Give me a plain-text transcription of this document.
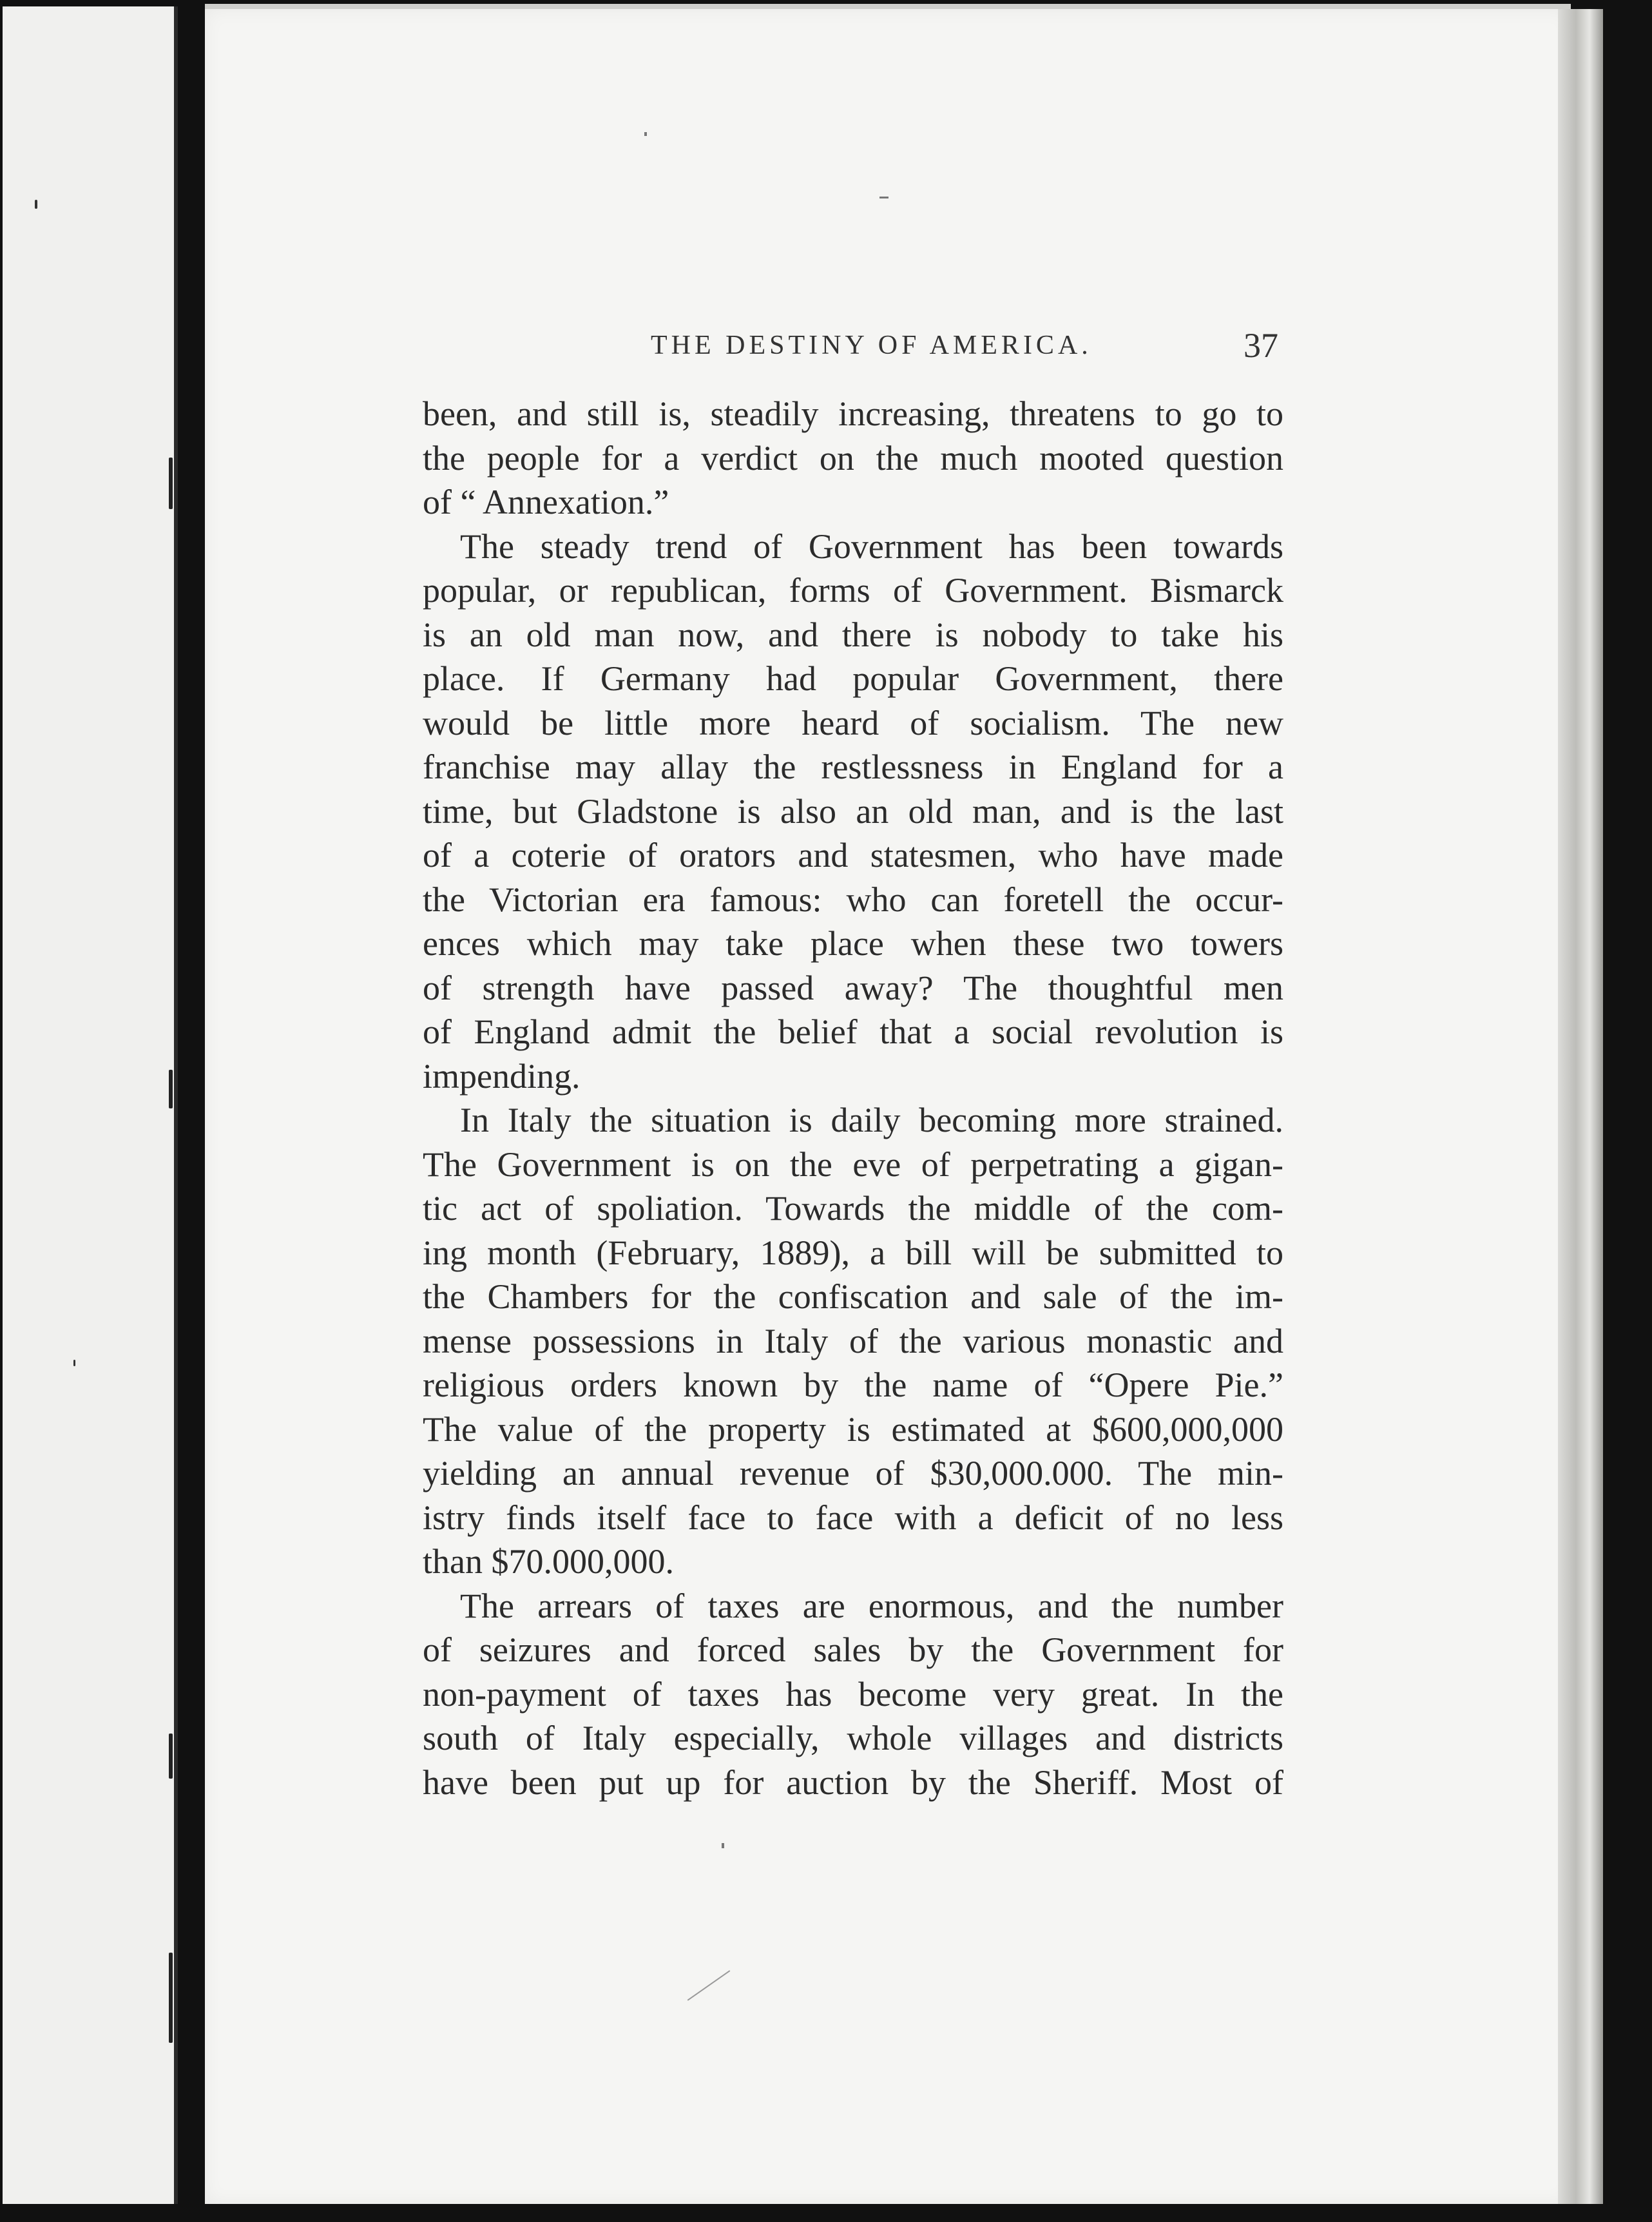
THE DESTINY OF AMERICA.	37
been, and still is, steadily increasing, threatens to go to
the people for a verdict on the much mooted question
of “ Annexation.”
The steady trend of Government has been towards
popular, or republican, forms of Government. Bismarck
is an old man now, and there is nobody to take his
place. If Germany had popular Government, there
would be little more heard of socialism. The new
franchise may allay the restlessness in England for a
time, but Gladstone is also an old man, and is the last
of a coterie of orators and statesmen, who have made
the Victorian era famous: who can foretell the occur-
ences which may take place when these two towers
of strength have passed away? The thoughtful men
of England admit the belief that a social revolution is
impending.
In Italy the situation is daily becoming more strained.
The Government is on the eve of perpetrating a gigan-
tic act of spoliation. Towards the middle of the com-
ing month (February, 1889), a bill will be submitted to
the Chambers for the confiscation and sale of the im-
mense possessions in Italy of the various monastic and
religious orders known by the name of “Opere Pie.”
The value of the property is estimated at $600,000,000
yielding an annual revenue of $30,000.000. The min-
istry finds itself face to face with a deficit of no less
than $70.000,000.
The arrears of taxes are enormous, and the number
of seizures and forced sales by the Government for
non-payment of taxes has become very great. In the
south of Italy especially, whole villages and districts
have been put up for auction by the Sheriff. Most of
